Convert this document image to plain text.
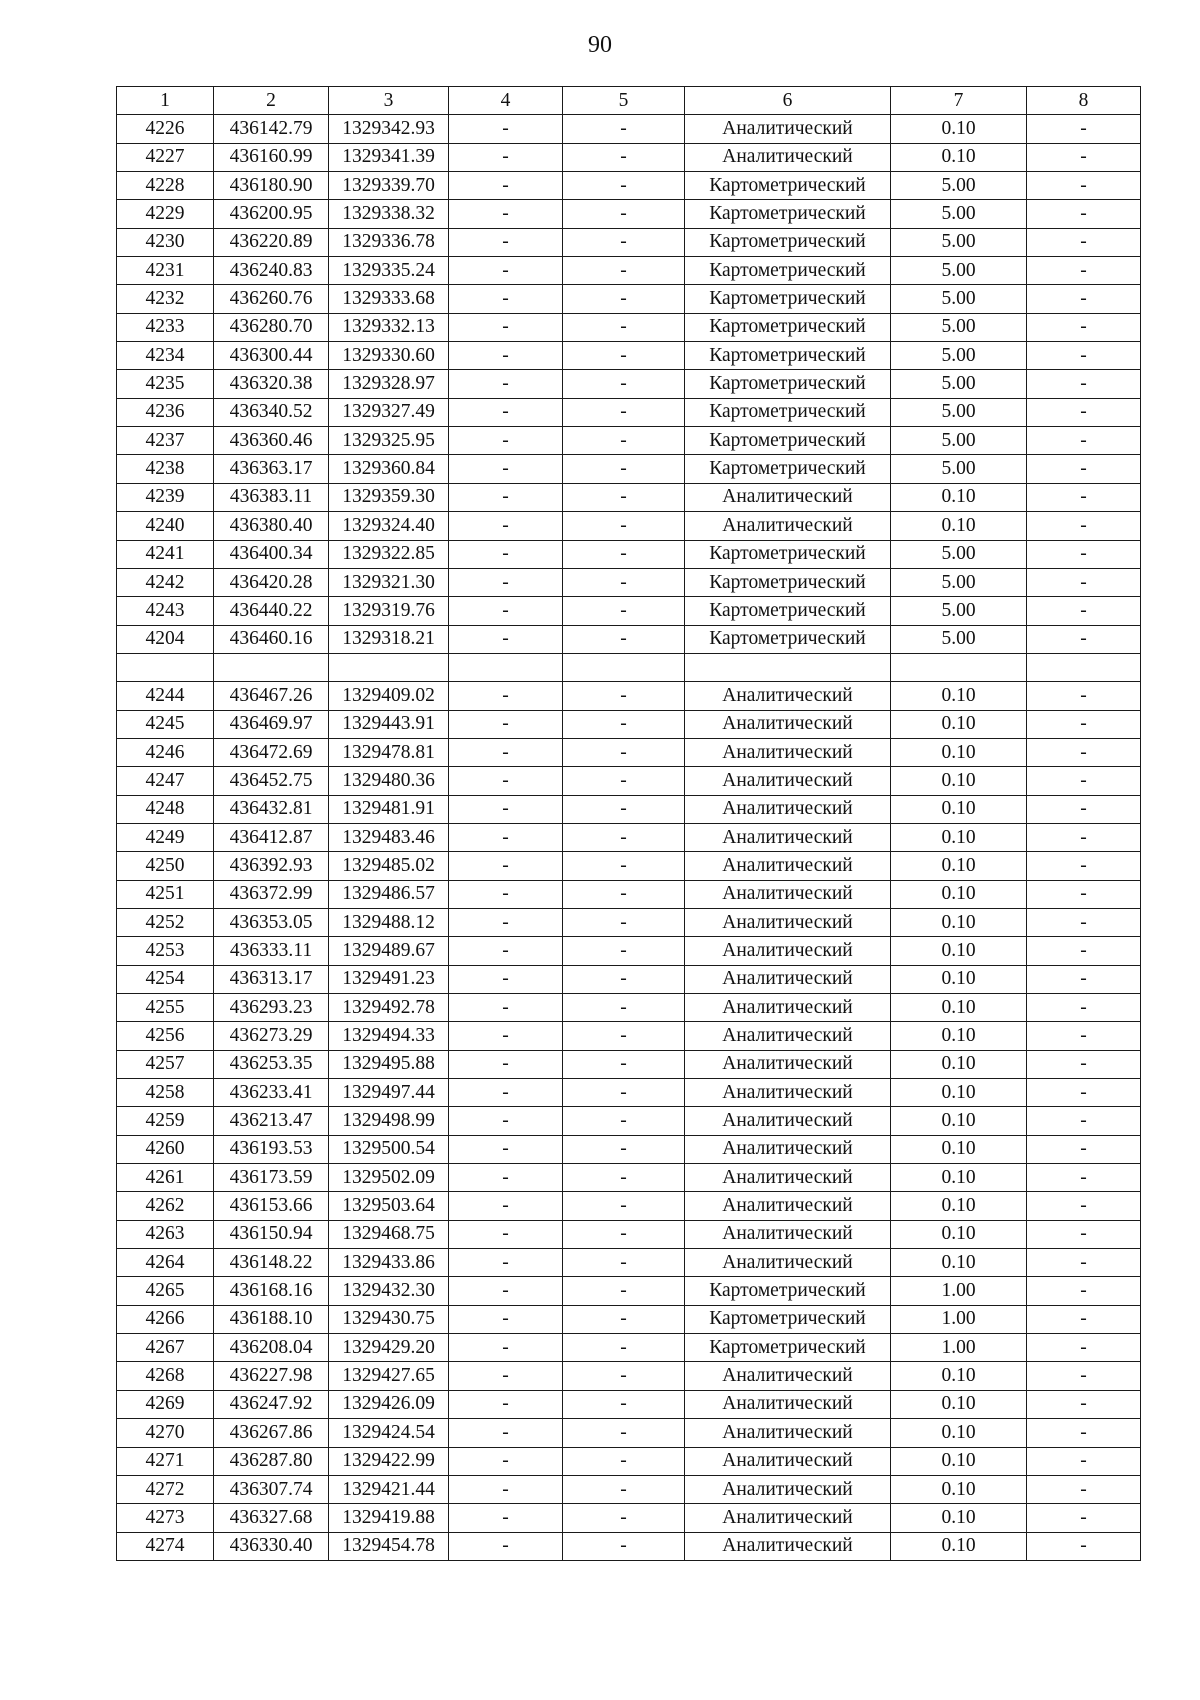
90
1	2	3	4	5	6	7	8
4226	436142.79	1329342.93	-	-	Аналитический	0.10	-
4227	436160.99	1329341.39	-	-	Аналитический	0.10	-
4228	436180.90	1329339.70	-	-	Картометрический	5.00	-
4229	436200.95	1329338.32	-	-	Картометрический	5.00	-
4230	436220.89	1329336.78	-	-	Картометрический	5.00	-
4231	436240.83	1329335.24	-	-	Картометрический	5.00	-
4232	436260.76	1329333.68	-	-	Картометрический	5.00	-
4233	436280.70	1329332.13	-	-	Картометрический	5.00	-
4234	436300.44	1329330.60	-	-	Картометрический	5.00	-
4235	436320.38	1329328.97	-	-	Картометрический	5.00	-
4236	436340.52	1329327.49	-	-	Картометрический	5.00	-
4237	436360.46	1329325.95	-	-	Картометрический	5.00	-
4238	436363.17	1329360.84	-	-	Картометрический	5.00	-
4239	436383.11	1329359.30	-	-	Аналитический	0.10	-
4240	436380.40	1329324.40	-	-	Аналитический	0.10	-
4241	436400.34	1329322.85	-	-	Картометрический	5.00	-
4242	436420.28	1329321.30	-	-	Картометрический	5.00	-
4243	436440.22	1329319.76	-	-	Картометрический	5.00	-
4204	436460.16	1329318.21	-	-	Картометрический	5.00	-

4244	436467.26	1329409.02	-	-	Аналитический	0.10	-
4245	436469.97	1329443.91	-	-	Аналитический	0.10	-
4246	436472.69	1329478.81	-	-	Аналитический	0.10	-
4247	436452.75	1329480.36	-	-	Аналитический	0.10	-
4248	436432.81	1329481.91	-	-	Аналитический	0.10	-
4249	436412.87	1329483.46	-	-	Аналитический	0.10	-
4250	436392.93	1329485.02	-	-	Аналитический	0.10	-
4251	436372.99	1329486.57	-	-	Аналитический	0.10	-
4252	436353.05	1329488.12	-	-	Аналитический	0.10	-
4253	436333.11	1329489.67	-	-	Аналитический	0.10	-
4254	436313.17	1329491.23	-	-	Аналитический	0.10	-
4255	436293.23	1329492.78	-	-	Аналитический	0.10	-
4256	436273.29	1329494.33	-	-	Аналитический	0.10	-
4257	436253.35	1329495.88	-	-	Аналитический	0.10	-
4258	436233.41	1329497.44	-	-	Аналитический	0.10	-
4259	436213.47	1329498.99	-	-	Аналитический	0.10	-
4260	436193.53	1329500.54	-	-	Аналитический	0.10	-
4261	436173.59	1329502.09	-	-	Аналитический	0.10	-
4262	436153.66	1329503.64	-	-	Аналитический	0.10	-
4263	436150.94	1329468.75	-	-	Аналитический	0.10	-
4264	436148.22	1329433.86	-	-	Аналитический	0.10	-
4265	436168.16	1329432.30	-	-	Картометрический	1.00	-
4266	436188.10	1329430.75	-	-	Картометрический	1.00	-
4267	436208.04	1329429.20	-	-	Картометрический	1.00	-
4268	436227.98	1329427.65	-	-	Аналитический	0.10	-
4269	436247.92	1329426.09	-	-	Аналитический	0.10	-
4270	436267.86	1329424.54	-	-	Аналитический	0.10	-
4271	436287.80	1329422.99	-	-	Аналитический	0.10	-
4272	436307.74	1329421.44	-	-	Аналитический	0.10	-
4273	436327.68	1329419.88	-	-	Аналитический	0.10	-
4274	436330.40	1329454.78	-	-	Аналитический	0.10	-
